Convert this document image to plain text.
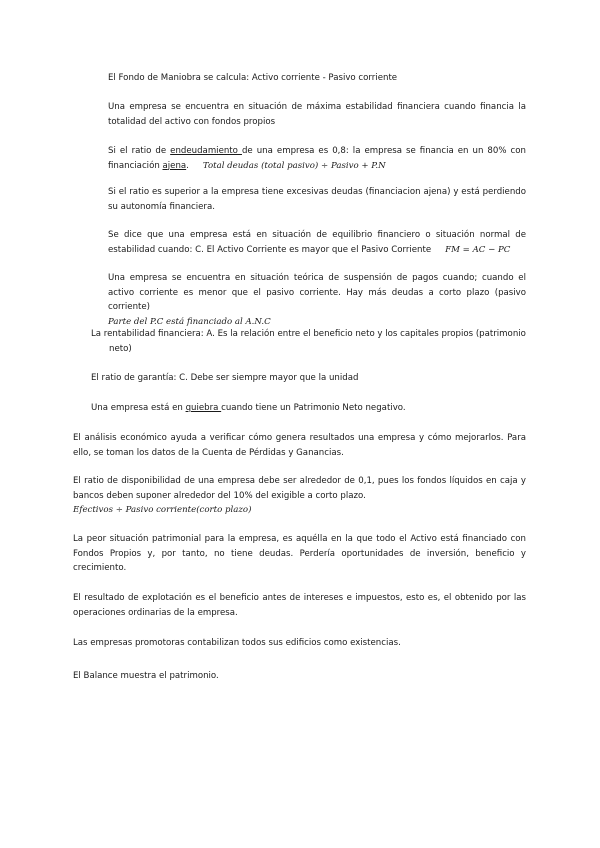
El Fondo de Maniobra se calcula: Activo corriente - Pasivo corriente

Una empresa se encuentra en situación de máxima estabilidad financiera cuando financia la totalidad del activo con fondos propios

Si el ratio de endeudamiento de una empresa es 0,8: la empresa se financia en un 80% con financiación ajena. Total deudas (total pasivo) ÷ Pasivo + P.N

Si el ratio es superior a la empresa tiene excesivas deudas (financiacion ajena) y está perdiendo su autonomía financiera.

Se dice que una empresa está en situación de equilibrio financiero o situación normal de estabilidad cuando: C. El Activo Corriente es mayor que el Pasivo Corriente FM = AC − PC

Una empresa se encuentra en situación teórica de suspensión de pagos cuando; cuando el activo corriente es menor que el pasivo corriente. Hay más deudas a corto plazo (pasivo corriente)
Parte del P.C está financiado al A.N.C

La rentabilidad financiera: A. Es la relación entre el beneficio neto y los capitales propios (patrimonio neto)

El ratio de garantía: C. Debe ser siempre mayor que la unidad

Una empresa está en quiebra cuando tiene un Patrimonio Neto negativo.

El análisis económico ayuda a verificar cómo genera resultados una empresa y cómo mejorarlos. Para ello, se toman los datos de la Cuenta de Pérdidas y Ganancias.

El ratio de disponibilidad de una empresa debe ser alrededor de 0,1, pues los fondos líquidos en caja y bancos deben suponer alrededor del 10% del exigible a corto plazo.
Efectivos ÷ Pasivo corriente(corto plazo)

La peor situación patrimonial para la empresa, es aquélla en la que todo el Activo está financiado con Fondos Propios y, por tanto, no tiene deudas. Perdería oportunidades de inversión, beneficio y crecimiento.

El resultado de explotación es el beneficio antes de intereses e impuestos, esto es, el obtenido por las operaciones ordinarias de la empresa.

Las empresas promotoras contabilizan todos sus edificios como existencias.

El Balance muestra el patrimonio.
